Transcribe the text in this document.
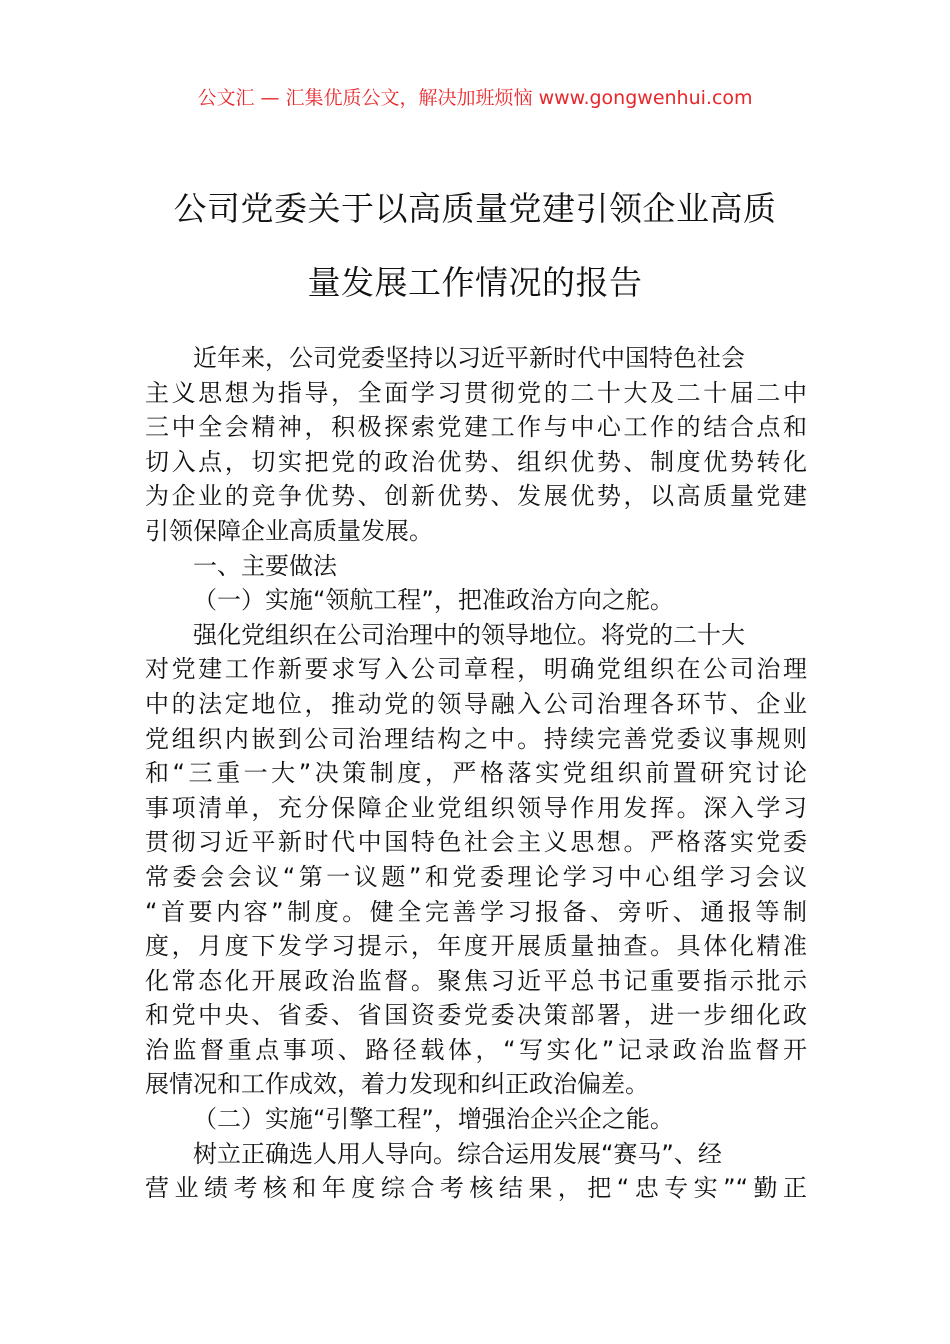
公文汇 — 汇集优质公文，解决加班烦恼 www.gongwenhui.com
公司党委关于以高质量党建引领企业高质
量发展工作情况的报告
近年来，公司党委坚持以习近平新时代中国特色社会
主义思想为指导，全面学习贯彻党的二十大及二十届二中
三中全会精神，积极探索党建工作与中心工作的结合点和
切入点，切实把党的政治优势、组织优势、制度优势转化
为企业的竞争优势、创新优势、发展优势，以高质量党建
引领保障企业高质量发展。
一、主要做法
（一）实施“领航工程”，把准政治方向之舵。
强化党组织在公司治理中的领导地位。将党的二十大
对党建工作新要求写入公司章程，明确党组织在公司治理
中的法定地位，推动党的领导融入公司治理各环节、企业
党组织内嵌到公司治理结构之中。持续完善党委议事规则
和“三重一大”决策制度，严格落实党组织前置研究讨论
事项清单，充分保障企业党组织领导作用发挥。深入学习
贯彻习近平新时代中国特色社会主义思想。严格落实党委
常委会会议“第一议题”和党委理论学习中心组学习会议
“首要内容”制度。健全完善学习报备、旁听、通报等制
度，月度下发学习提示，年度开展质量抽查。具体化精准
化常态化开展政治监督。聚焦习近平总书记重要指示批示
和党中央、省委、省国资委党委决策部署，进一步细化政
治监督重点事项、路径载体，“写实化”记录政治监督开
展情况和工作成效，着力发现和纠正政治偏差。
（二）实施“引擎工程”，增强治企兴企之能。
树立正确选人用人导向。综合运用发展“赛马”、经
营业绩考核和年度综合考核结果，把“忠专实”“勤正
